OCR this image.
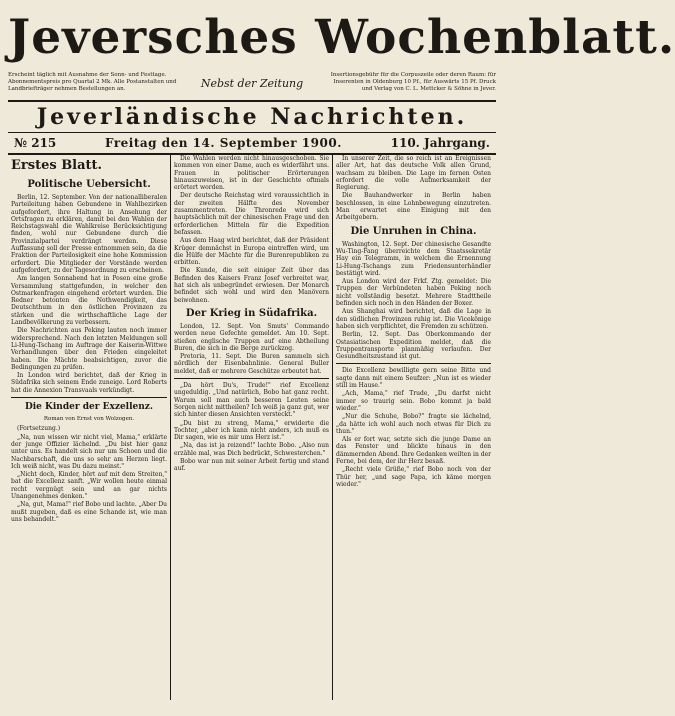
Jeversches Wochenblatt.
Erscheint täglich mit Ausnahme der Sonn- und Festtage. Abonnementspreis pro Quartal 2 Mk. Alle Postanstalten und Landbriefträger nehmen Bestellungen an.	Nebst der Zeitung
Insertionsgebühr für die Corpuszeile oder deren Raum: für Inserenten in Oldenburg 10 Pf., für Auswärts 15 Pf. Druck und Verlag von C. L. Mettcker & Söhne in Jever.
Jeverländische Nachrichten.
№ 215	Freitag den 14. September 1900.	110. Jahrgang.
Erstes Blatt.
Politische Uebersicht.

Berlin, 12. September. Von der nationalliberalen Parteileitung haben Gebundene in Wahlbezirken aufgefordert, ihre Haltung in Ansehung der Ortsfragen zu erklären, damit bei den Wahlen der Reichstagswahl die Wahlkreise Berücksichtigung finden, wohl nur Gebundene durch die Provinzialpartei verdrängt werden. Diese Auffassung soll der Presse entnommen sein, da die Fraktion der Parteilosigkeit eine hohe Kommission erfordert. Die Mitglieder der Vorstände werden aufgefordert, zu der Tagesordnung zu erscheinen.

Am langen Sonnabend hat in Posen eine große Versammlung stattgefunden, in welcher den Ostmarkenfragen eingehend erörtert wurden. Die Redner betonten die Nothwendigkeit, das Deutschthum in den östlichen Provinzen zu stärken und die wirthschaftliche Lage der Landbevölkerung zu verbessern.

Die Nachrichten aus Peking lauten noch immer widersprechend. Nach den letzten Meldungen soll Li-Hung-Tschang im Auftrage der Kaiserin-Wittwe Verhandlungen über den Frieden eingeleitet haben. Die Mächte beabsichtigen, zuvor die Bedingungen zu prüfen.

In London wird berichtet, daß der Krieg in Südafrika sich seinem Ende zuneige. Lord Roberts hat die Annexion Transvaals verkündigt.

Die Kinder der Exzellenz.
Roman von Ernst von Wolzogen.

(Fortsetzung.)

„Na, nun wissen wir nicht viel, Mama," erklärte der junge Offizier lächelnd. „Du bist hier ganz unter uns. Es handelt sich nur um Schoen und die Nachbarschaft, die uns so sehr am Herzen liegt. Ich weiß nicht, was Du dazu meinst."

„Nicht doch, Kinder, hört auf mit dem Streiten," bat die Excellenz sanft. „Wir wollen heute einmal recht vergnügt sein und an gar nichts Unangenehmes denken."

„Na, gut, Mama!" rief Bobo und lachte. „Aber Du mußt zugeben, daß es eine Schande ist, wie man uns behandelt."

Die Wahlen werden nicht hinausgeschoben. Sie kommen von einer Dame, auch es widerfährt uns. Frauen in politischer Erörterungen hinauszuweisen, ist in der Geschichte oftmals erörtert worden.

Der deutsche Reichstag wird voraussichtlich in der zweiten Hälfte des November zusammentreten. Die Thronrede wird sich hauptsächlich mit der chinesischen Frage und den erforderlichen Mitteln für die Expedition befassen.

Aus dem Haag wird berichtet, daß der Präsident Krüger demnächst in Europa eintreffen wird, um die Hülfe der Mächte für die Burenrepubliken zu erbitten.

Die Kunde, die seit einiger Zeit über das Befinden des Kaisers Franz Josef verbreitet war, hat sich als unbegründet erwiesen. Der Monarch befindet sich wohl und wird den Manövern beiwohnen.

Der Krieg in Südafrika.

London, 12. Sept. Von Smuts' Commando werden neue Gefechte gemeldet. Am 10. Sept. stießen englische Truppen auf eine Abtheilung Buren, die sich in die Berge zurückzog.

Pretoria, 11. Sept. Die Buren sammeln sich nördlich der Eisenbahnlinie. General Buller meldet, daß er mehrere Geschütze erbeutet hat.

„Da hört Du's, Trude!" rief Excellenz ungeduldig. „Und natürlich, Bobo hat ganz recht. Warum soll man auch besseren Leuten seine Sorgen nicht mittheilen? Ich weiß ja ganz gut, wer sich hinter diesen Ansichten versteckt."

„Du bist zu streng, Mama," erwiderte die Tochter, „aber ich kann nicht anders, ich muß es Dir sagen, wie es mir ums Herz ist."

„Na, das ist ja reizend!" lachte Bobo. „Also nun erzähle mal, was Dich bedrückt, Schwesterchen."

Bobo war nun mit seiner Arbeit fertig und stand auf.

In unserer Zeit, die so reich ist an Ereignissen aller Art, hat das deutsche Volk allen Grund, wachsam zu bleiben. Die Lage im fernen Osten erfordert die volle Aufmerksamkeit der Regierung.

Die Bauhandwerker in Berlin haben beschlossen, in eine Lohnbewegung einzutreten. Man erwartet eine Einigung mit den Arbeitgebern.

Die Unruhen in China.

Washington, 12. Sept. Der chinesische Gesandte Wu-Ting-Fang überreichte dem Staatssekretär Hay ein Telegramm, in welchem die Ernennung Li-Hung-Tschangs zum Friedensunterhändler bestätigt wird.

Aus London wird der Frkf. Ztg. gemeldet: Die Truppen der Verbündeten haben Peking noch nicht vollständig besetzt. Mehrere Stadttheile befinden sich noch in den Händen der Boxer.

Aus Shanghai wird berichtet, daß die Lage in den südlichen Provinzen ruhig ist. Die Vicekönige haben sich verpflichtet, die Fremden zu schützen.

Berlin, 12. Sept. Das Oberkommando der Ostasiatischen Expedition meldet, daß die Truppentransporte planmäßig verlaufen. Der Gesundheitszustand ist gut.

Die Excellenz bewilligte gern seine Bitte und sagte dann mit einem Seufzer: „Nun ist es wieder still im Hause."

„Ach, Mama," rief Trude, „Du darfst nicht immer so traurig sein. Bobo kommt ja bald wieder."

„Nur die Schuhe, Bobo?" fragte sie lächelnd, „da hätte ich wohl auch noch etwas für Dich zu thun."

Als er fort war, setzte sich die junge Dame an das Fenster und blickte hinaus in den dämmernden Abend. Ihre Gedanken weilten in der Ferne, bei dem, der ihr Herz besaß.

„Recht viele Grüße," rief Bobo noch von der Thür her, „und sage Papa, ich käme morgen wieder."
